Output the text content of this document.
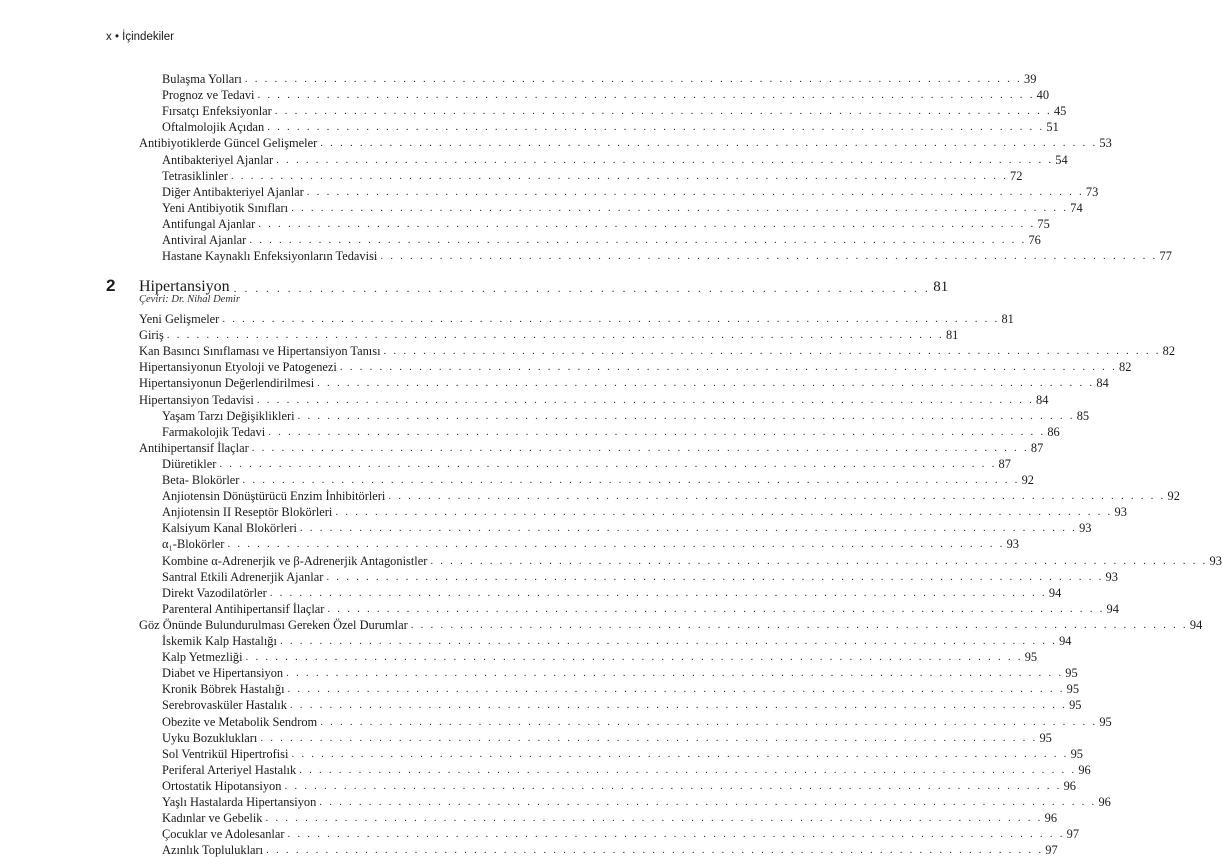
x • İçindekiler
Bulaşma Yolları . . . . . . . . . . . . . . . . . . . . . . . . . . . . . . . . . . . . . . . . . . . . . . . . . . . . . . . . . . . . . . . . . . . . . . . . . . . . . . . 39
Prognoz ve Tedavi . . . . . . . . . . . . . . . . . . . . . . . . . . . . . . . . . . . . . . . . . . . . . . . . . . . . . . . . . . . . . . . . . . . . . . . . . . . . . . . 40
Fırsatçı Enfeksiyonlar . . . . . . . . . . . . . . . . . . . . . . . . . . . . . . . . . . . . . . . . . . . . . . . . . . . . . . . . . . . . . . . . . . . . . . . . . . . . . . . 45
Oftalmolojik Açıdan . . . . . . . . . . . . . . . . . . . . . . . . . . . . . . . . . . . . . . . . . . . . . . . . . . . . . . . . . . . . . . . . . . . . . . . . . . . . . . . 51
Antibiyotiklerde Güncel Gelişmeler . . . . . . . . . . . . . . . . . . . . . . . . . . . . . . . . . . . . . . . . . . . . . . . . . . . . . . . . . . . . . . . . . . . . . . . . . . . . . . . 53
Antibakteriyel Ajanlar . . . . . . . . . . . . . . . . . . . . . . . . . . . . . . . . . . . . . . . . . . . . . . . . . . . . . . . . . . . . . . . . . . . . . . . . . . . . . . . 54
Tetrasiklinler . . . . . . . . . . . . . . . . . . . . . . . . . . . . . . . . . . . . . . . . . . . . . . . . . . . . . . . . . . . . . . . . . . . . . . . . . . . . . . . 72
Diğer Antibakteriyel Ajanlar . . . . . . . . . . . . . . . . . . . . . . . . . . . . . . . . . . . . . . . . . . . . . . . . . . . . . . . . . . . . . . . . . . . . . . . . . . . . . . . 73
Yeni Antibiyotik Sınıfları . . . . . . . . . . . . . . . . . . . . . . . . . . . . . . . . . . . . . . . . . . . . . . . . . . . . . . . . . . . . . . . . . . . . . . . . . . . . . . . 74
Antifungal Ajanlar . . . . . . . . . . . . . . . . . . . . . . . . . . . . . . . . . . . . . . . . . . . . . . . . . . . . . . . . . . . . . . . . . . . . . . . . . . . . . . . 75
Antiviral Ajanlar . . . . . . . . . . . . . . . . . . . . . . . . . . . . . . . . . . . . . . . . . . . . . . . . . . . . . . . . . . . . . . . . . . . . . . . . . . . . . . . 76
Hastane Kaynaklı Enfeksiyonların Tedavisi . . . . . . . . . . . . . . . . . . . . . . . . . . . . . . . . . . . . . . . . . . . . . . . . . . . . . . . . . . . . . . . . . . . . . . . . . . . . . . . 77
Yeni Gelişmeler . . . . . . . . . . . . . . . . . . . . . . . . . . . . . . . . . . . . . . . . . . . . . . . . . . . . . . . . . . . . . . . . . . . . . . . . . . . . . . . 81
Giriş . . . . . . . . . . . . . . . . . . . . . . . . . . . . . . . . . . . . . . . . . . . . . . . . . . . . . . . . . . . . . . . . . . . . . . . . . . . . . . . 81
Kan Basıncı Sınıflaması ve Hipertansiyon Tanısı . . . . . . . . . . . . . . . . . . . . . . . . . . . . . . . . . . . . . . . . . . . . . . . . . . . . . . . . . . . . . . . . . . . . . . . . . . . . . . . 82
Hipertansiyonun Etyoloji ve Patogenezi . . . . . . . . . . . . . . . . . . . . . . . . . . . . . . . . . . . . . . . . . . . . . . . . . . . . . . . . . . . . . . . . . . . . . . . . . . . . . . . 82
Hipertansiyonun Değerlendirilmesi . . . . . . . . . . . . . . . . . . . . . . . . . . . . . . . . . . . . . . . . . . . . . . . . . . . . . . . . . . . . . . . . . . . . . . . . . . . . . . . 84
Hipertansiyon Tedavisi . . . . . . . . . . . . . . . . . . . . . . . . . . . . . . . . . . . . . . . . . . . . . . . . . . . . . . . . . . . . . . . . . . . . . . . . . . . . . . . 84
Yaşam Tarzı Değişiklikleri . . . . . . . . . . . . . . . . . . . . . . . . . . . . . . . . . . . . . . . . . . . . . . . . . . . . . . . . . . . . . . . . . . . . . . . . . . . . . . . 85
Farmakolojik Tedavi . . . . . . . . . . . . . . . . . . . . . . . . . . . . . . . . . . . . . . . . . . . . . . . . . . . . . . . . . . . . . . . . . . . . . . . . . . . . . . . 86
Antihipertansif İlaçlar . . . . . . . . . . . . . . . . . . . . . . . . . . . . . . . . . . . . . . . . . . . . . . . . . . . . . . . . . . . . . . . . . . . . . . . . . . . . . . . 87
Diüretikler . . . . . . . . . . . . . . . . . . . . . . . . . . . . . . . . . . . . . . . . . . . . . . . . . . . . . . . . . . . . . . . . . . . . . . . . . . . . . . . 87
Beta- Blokörler . . . . . . . . . . . . . . . . . . . . . . . . . . . . . . . . . . . . . . . . . . . . . . . . . . . . . . . . . . . . . . . . . . . . . . . . . . . . . . . 92
Anjiotensin Dönüştürücü Enzim İnhibitörleri . . . . . . . . . . . . . . . . . . . . . . . . . . . . . . . . . . . . . . . . . . . . . . . . . . . . . . . . . . . . . . . . . . . . . . . . . . . . . . . 92
Anjiotensin II Reseptör Blokörleri . . . . . . . . . . . . . . . . . . . . . . . . . . . . . . . . . . . . . . . . . . . . . . . . . . . . . . . . . . . . . . . . . . . . . . . . . . . . . . . 93
Kalsiyum Kanal Blokörleri . . . . . . . . . . . . . . . . . . . . . . . . . . . . . . . . . . . . . . . . . . . . . . . . . . . . . . . . . . . . . . . . . . . . . . . . . . . . . . . 93
α₁-Blokörler . . . . . . . . . . . . . . . . . . . . . . . . . . . . . . . . . . . . . . . . . . . . . . . . . . . . . . . . . . . . . . . . . . . . . . . . . . . . . . . 93
Kombine α-Adrenerjik ve β-Adrenerjik Antagonistler . . . . . . . . . . . . . . . . . . . . . . . . . . . . . . . . . . . . . . . . . . . . . . . . . . . . . . . . . . . . . . . . . . . . . . . . . . . . . . . 93
Santral Etkili Adrenerjik Ajanlar . . . . . . . . . . . . . . . . . . . . . . . . . . . . . . . . . . . . . . . . . . . . . . . . . . . . . . . . . . . . . . . . . . . . . . . . . . . . . . . 93
Direkt Vazodilatörler . . . . . . . . . . . . . . . . . . . . . . . . . . . . . . . . . . . . . . . . . . . . . . . . . . . . . . . . . . . . . . . . . . . . . . . . . . . . . . . 94
Parenteral Antihipertansif İlaçlar . . . . . . . . . . . . . . . . . . . . . . . . . . . . . . . . . . . . . . . . . . . . . . . . . . . . . . . . . . . . . . . . . . . . . . . . . . . . . . . 94
Göz Önünde Bulundurulması Gereken Özel Durumlar . . . . . . . . . . . . . . . . . . . . . . . . . . . . . . . . . . . . . . . . . . . . . . . . . . . . . . . . . . . . . . . . . . . . . . . . . . . . . . . 94
İskemik Kalp Hastalığı . . . . . . . . . . . . . . . . . . . . . . . . . . . . . . . . . . . . . . . . . . . . . . . . . . . . . . . . . . . . . . . . . . . . . . . . . . . . . . . 94
Kalp Yetmezliği . . . . . . . . . . . . . . . . . . . . . . . . . . . . . . . . . . . . . . . . . . . . . . . . . . . . . . . . . . . . . . . . . . . . . . . . . . . . . . . 95
Diabet ve Hipertansiyon . . . . . . . . . . . . . . . . . . . . . . . . . . . . . . . . . . . . . . . . . . . . . . . . . . . . . . . . . . . . . . . . . . . . . . . . . . . . . . . 95
Kronik Böbrek Hastalığı . . . . . . . . . . . . . . . . . . . . . . . . . . . . . . . . . . . . . . . . . . . . . . . . . . . . . . . . . . . . . . . . . . . . . . . . . . . . . . . 95
Serebrovasküler Hastalık . . . . . . . . . . . . . . . . . . . . . . . . . . . . . . . . . . . . . . . . . . . . . . . . . . . . . . . . . . . . . . . . . . . . . . . . . . . . . . . 95
Obezite ve Metabolik Sendrom . . . . . . . . . . . . . . . . . . . . . . . . . . . . . . . . . . . . . . . . . . . . . . . . . . . . . . . . . . . . . . . . . . . . . . . . . . . . . . . 95
Uyku Bozuklukları . . . . . . . . . . . . . . . . . . . . . . . . . . . . . . . . . . . . . . . . . . . . . . . . . . . . . . . . . . . . . . . . . . . . . . . . . . . . . . . 95
Sol Ventrikül Hipertrofisi . . . . . . . . . . . . . . . . . . . . . . . . . . . . . . . . . . . . . . . . . . . . . . . . . . . . . . . . . . . . . . . . . . . . . . . . . . . . . . . 95
Periferal Arteriyel Hastalık . . . . . . . . . . . . . . . . . . . . . . . . . . . . . . . . . . . . . . . . . . . . . . . . . . . . . . . . . . . . . . . . . . . . . . . . . . . . . . . 96
Ortostatik Hipotansiyon . . . . . . . . . . . . . . . . . . . . . . . . . . . . . . . . . . . . . . . . . . . . . . . . . . . . . . . . . . . . . . . . . . . . . . . . . . . . . . . 96
Yaşlı Hastalarda Hipertansiyon . . . . . . . . . . . . . . . . . . . . . . . . . . . . . . . . . . . . . . . . . . . . . . . . . . . . . . . . . . . . . . . . . . . . . . . . . . . . . . . 96
Kadınlar ve Gebelik . . . . . . . . . . . . . . . . . . . . . . . . . . . . . . . . . . . . . . . . . . . . . . . . . . . . . . . . . . . . . . . . . . . . . . . . . . . . . . . 96
Çocuklar ve Adolesanlar . . . . . . . . . . . . . . . . . . . . . . . . . . . . . . . . . . . . . . . . . . . . . . . . . . . . . . . . . . . . . . . . . . . . . . . . . . . . . . . 97
Azınlık Toplulukları . . . . . . . . . . . . . . . . . . . . . . . . . . . . . . . . . . . . . . . . . . . . . . . . . . . . . . . . . . . . . . . . . . . . . . . . . . . . . . . 97
2	Hipertansiyon . . . . . . . . . . . . . . . . . . . . . . . . . . . . . . . . . . . . . . . . . . . . . . . . . . . . . . . . . . . . . . . . . 81
Çeviri: Dr. Nihal Demir
